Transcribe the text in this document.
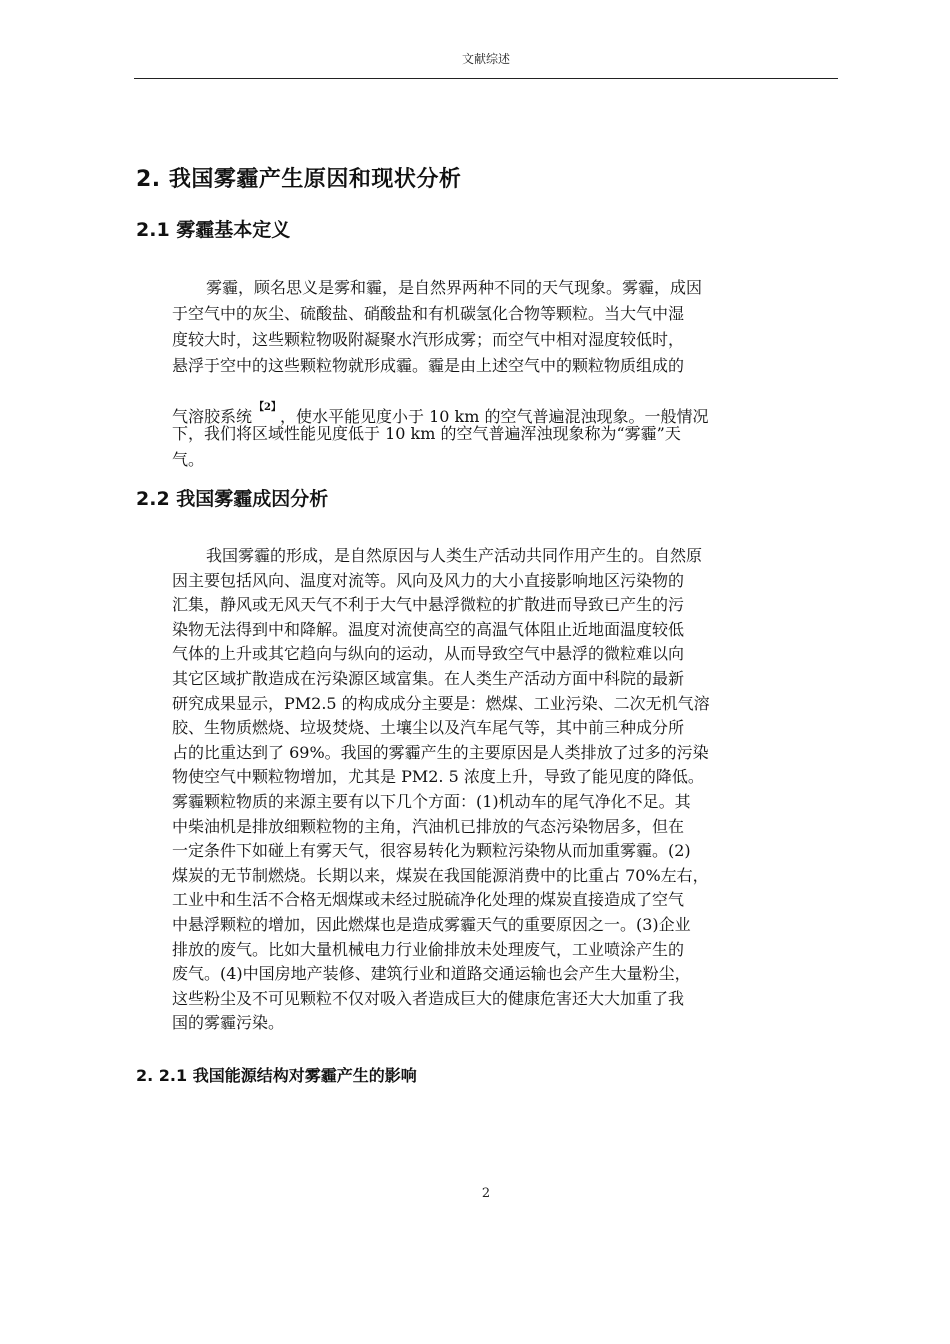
文献综述
2. 我国雾霾产生原因和现状分析
2.1 雾霾基本定义
雾霾，顾名思义是雾和霾，是自然界两种不同的天气现象。雾霾，成因
于空气中的灰尘、硫酸盐、硝酸盐和有机碳氢化合物等颗粒。当大气中湿
度较大时，这些颗粒物吸附凝聚水汽形成雾；而空气中相对湿度较低时，
悬浮于空中的这些颗粒物就形成霾。霾是由上述空气中的颗粒物质组成的
气溶胶系统 $^{【2】}$ ，使水平能见度小于 10 km 的空气普遍混浊现象。一般情况
下，我们将区域性能见度低于 10 km 的空气普遍浑浊现象称为“雾霾”天
气。
2.2 我国雾霾成因分析
我国雾霾的形成，是自然原因与人类生产活动共同作用产生的。自然原
因主要包括风向、温度对流等。风向及风力的大小直接影响地区污染物的
汇集，静风或无风天气不利于大气中悬浮微粒的扩散进而导致已产生的污
染物无法得到中和降解。温度对流使高空的高温气体阻止近地面温度较低
气体的上升或其它趋向与纵向的运动，从而导致空气中悬浮的微粒难以向
其它区域扩散造成在污染源区域富集。在人类生产活动方面中科院的最新
研究成果显示，PM2.5 的构成成分主要是：燃煤、工业污染、二次无机气溶
胶、生物质燃烧、垃圾焚烧、土壤尘以及汽车尾气等，其中前三种成分所
占的比重达到了 69%。我国的雾霾产生的主要原因是人类排放了过多的污染
物使空气中颗粒物增加，尤其是 PM2. 5 浓度上升，导致了能见度的降低。
雾霾颗粒物质的来源主要有以下几个方面：(1)机动车的尾气净化不足。其
中柴油机是排放细颗粒物的主角，汽油机已排放的气态污染物居多，但在
一定条件下如碰上有雾天气，很容易转化为颗粒污染物从而加重雾霾。(2)
煤炭的无节制燃烧。长期以来，煤炭在我国能源消费中的比重占 70%左右，
工业中和生活不合格无烟煤或未经过脱硫净化处理的煤炭直接造成了空气
中悬浮颗粒的增加，因此燃煤也是造成雾霾天气的重要原因之一。(3)企业
排放的废气。比如大量机械电力行业偷排放未处理废气，工业喷涂产生的
废气。(4)中国房地产装修、建筑行业和道路交通运输也会产生大量粉尘，
这些粉尘及不可见颗粒不仅对吸入者造成巨大的健康危害还大大加重了我
国的雾霾污染。
2. 2.1 我国能源结构对雾霾产生的影响
2
